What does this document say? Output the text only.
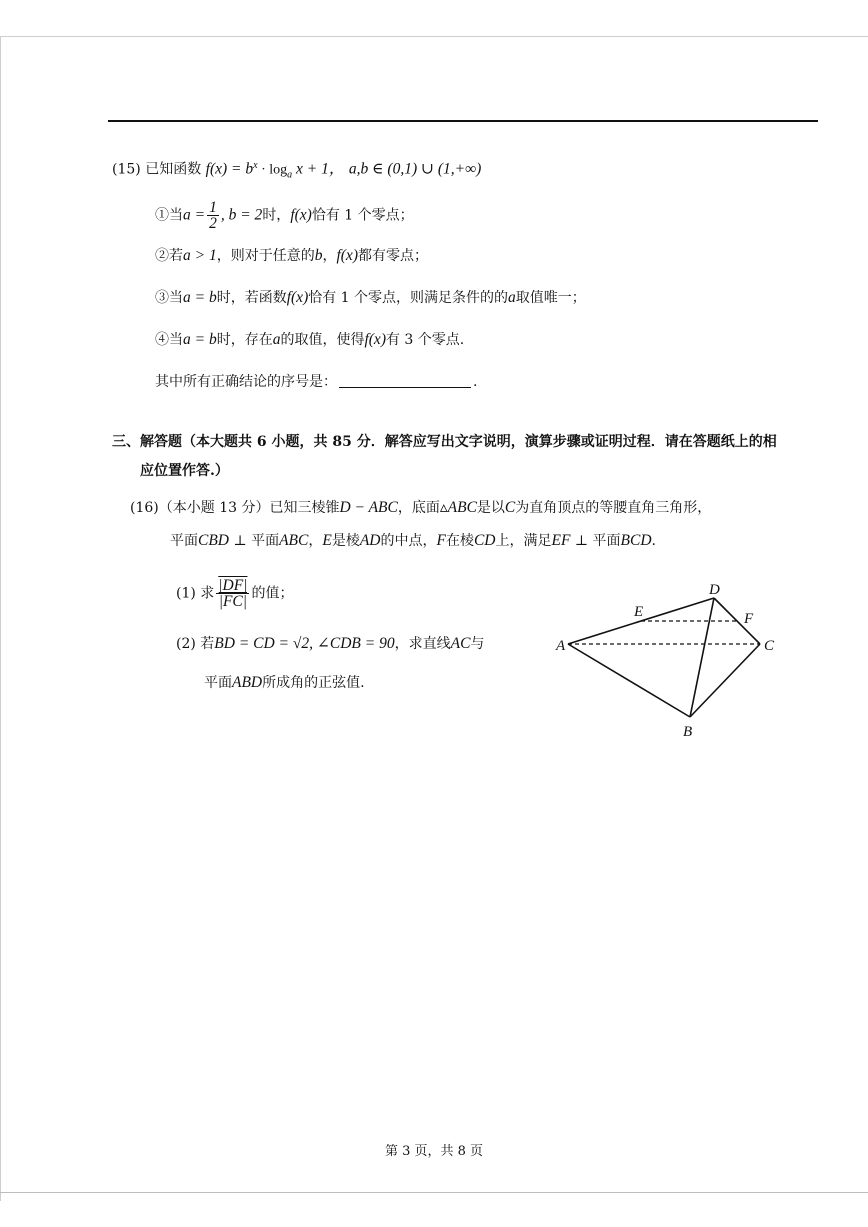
(15) 已知函数 $f(x) = b^x \cdot \log_a x + 1$， a,b ∈ (0,1) ∪ (1,+∞)
①当$a = \frac{1}{2}$ , b = 2时，f(x)恰有 1 个零点；
②若a > 1，则对于任意的b，f(x)都有零点；
③当a = b时，若函数f(x)恰有 1 个零点，则满足条件的的a取值唯一；
④当a = b时，存在a的取值，使得f(x)有 3 个零点.
其中所有正确结论的序号是：	.
三、解答题（本大题共 6 小题，共 85 分．解答应写出文字说明，演算步骤或证明过程．请在答题纸上的相
应位置作答.）
(16)（本小题 13 分）已知三棱锥D − ABC，底面▵ABC是以C为直角顶点的等腰直角三角形，
平面CBD ⊥ 平面ABC，E是棱AD的中点，F在棱CD上，满足EF ⊥ 平面BCD.
(1) 求 $\frac{|DF|}{|FC|}$ 的值；
(2) 若BD = CD = √2, ∠CDB = 90，求直线AC与
平面ABD所成角的正弦值.
A
B
C
D
E	F
第 3 页，共 8 页
